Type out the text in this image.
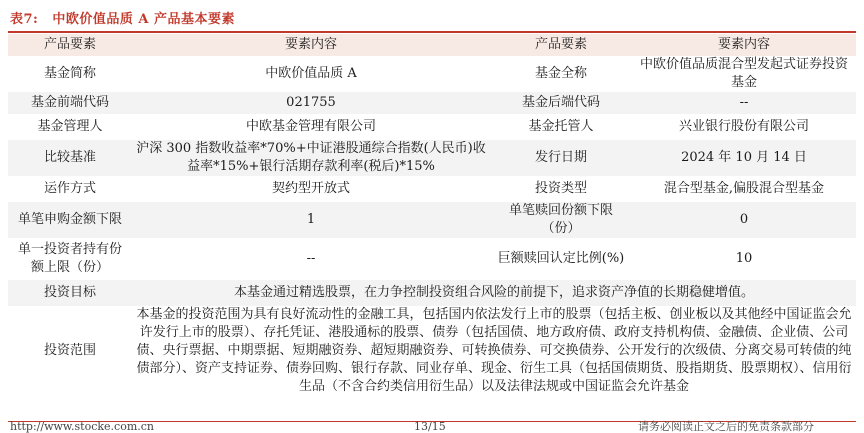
表7: 中欧价值品质 A 产品基本要素
产品要素	要素内容	产品要素	要素内容
基金简称	中欧价值品质 A	基金全称	中欧价值品质混合型发起式证券投资基金
基金前端代码	021755	基金后端代码	--
基金管理人	中欧基金管理有限公司	基金托管人	兴业银行股份有限公司
比较基准	沪深 300 指数收益率*70%+中证港股通综合指数(人民币)收益率*15%+银行活期存款利率(税后)*15%	发行日期	2024 年 10 月 14 日
运作方式	契约型开放式	投资类型	混合型基金,偏股混合型基金
单笔申购金额下限	1	单笔赎回份额下限（份）	0
单一投资者持有份额上限（份）	--	巨额赎回认定比例(%)	10
投资目标	本基金通过精选股票，在力争控制投资组合风险的前提下，追求资产净值的长期稳健增值。		
投资范围	本基金的投资范围为具有良好流动性的金融工具，包括国内依法发行上市的股票（包括主板、创业板以及其他经中国证监会允许发行上市的股票）、存托凭证、港股通标的股票、债券（包括国债、地方政府债、政府支持机构债、金融债、企业债、公司债、央行票据、中期票据、短期融资券、超短期融资券、可转换债券、可交换债券、公开发行的次级债、分离交易可转债的纯债部分）、资产支持证券、债券回购、银行存款、同业存单、现金、衍生工具（包括国债期货、股指期货、股票期权）、信用衍生品（不含合约类信用衍生品）以及法律法规或中国证监会允许基金		
http://www.stocke.com.cn	13/15	请务必阅读正文之后的免责条款部分
